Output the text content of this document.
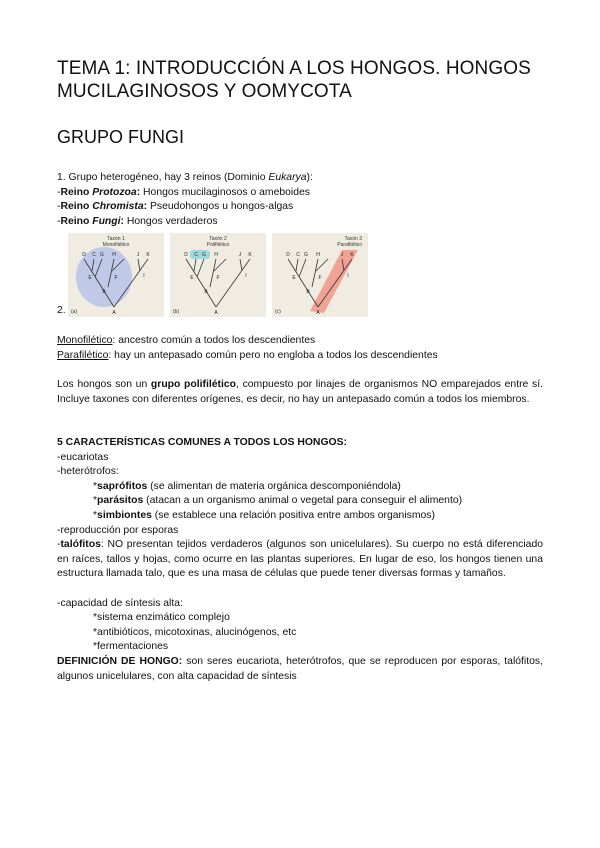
TEMA 1: INTRODUCCIÓN A LOS HONGOS. HONGOS MUCILAGINOSOS Y OOMYCOTA
GRUPO FUNGI
1. Grupo heterogéneo, hay 3 reinos (Dominio Eukarya):
-Reino Protozoa: Hongos mucilaginosos o ameboides
-Reino Chromista: Pseudohongos u hongos-algas
-Reino Fungi: Hongos verdaderos
2.
Taxón 1
Monofilético
D C G H	J K
E	F	I
B
A
(a)
Taxón 2
Polifilético
D C G H	J K
E	F	I
B
A
(b)
Taxón 3
Parafilético
D C G H	J K
E	F	I
B
A
(c)
Monofilético: ancestro común a todos los descendientes
Parafilético: hay un antepasado común pero no engloba a todos los descendientes
Los hongos son un grupo polifilético, compuesto por linajes de organismos NO emparejados entre sí. Incluye taxones con diferentes orígenes, es decir, no hay un antepasado común a todos los miembros.
5 CARACTERÍSTICAS COMUNES A TODOS LOS HONGOS:
-eucariotas
-heterótrofos:
*saprófitos (se alimentan de materia orgánica descomponiéndola)
*parásitos (atacan a un organismo animal o vegetal para conseguir el alimento)
*simbiontes (se establece una relación positiva entre ambos organismos)
-reproducción por esporas
-talófitos: NO presentan tejidos verdaderos (algunos son unicelulares). Su cuerpo no está diferenciado en raíces, tallos y hojas, como ocurre en las plantas superiores. En lugar de eso, los hongos tienen una estructura llamada talo, que es una masa de células que puede tener diversas formas y tamaños.
-capacidad de síntesis alta:
*sistema enzimático complejo
*antibióticos, micotoxinas, alucinógenos, etc
*fermentaciones
DEFINICIÓN DE HONGO: son seres eucariota, heterótrofos, que se reproducen por esporas, talófitos, algunos unicelulares, con alta capacidad de síntesis
